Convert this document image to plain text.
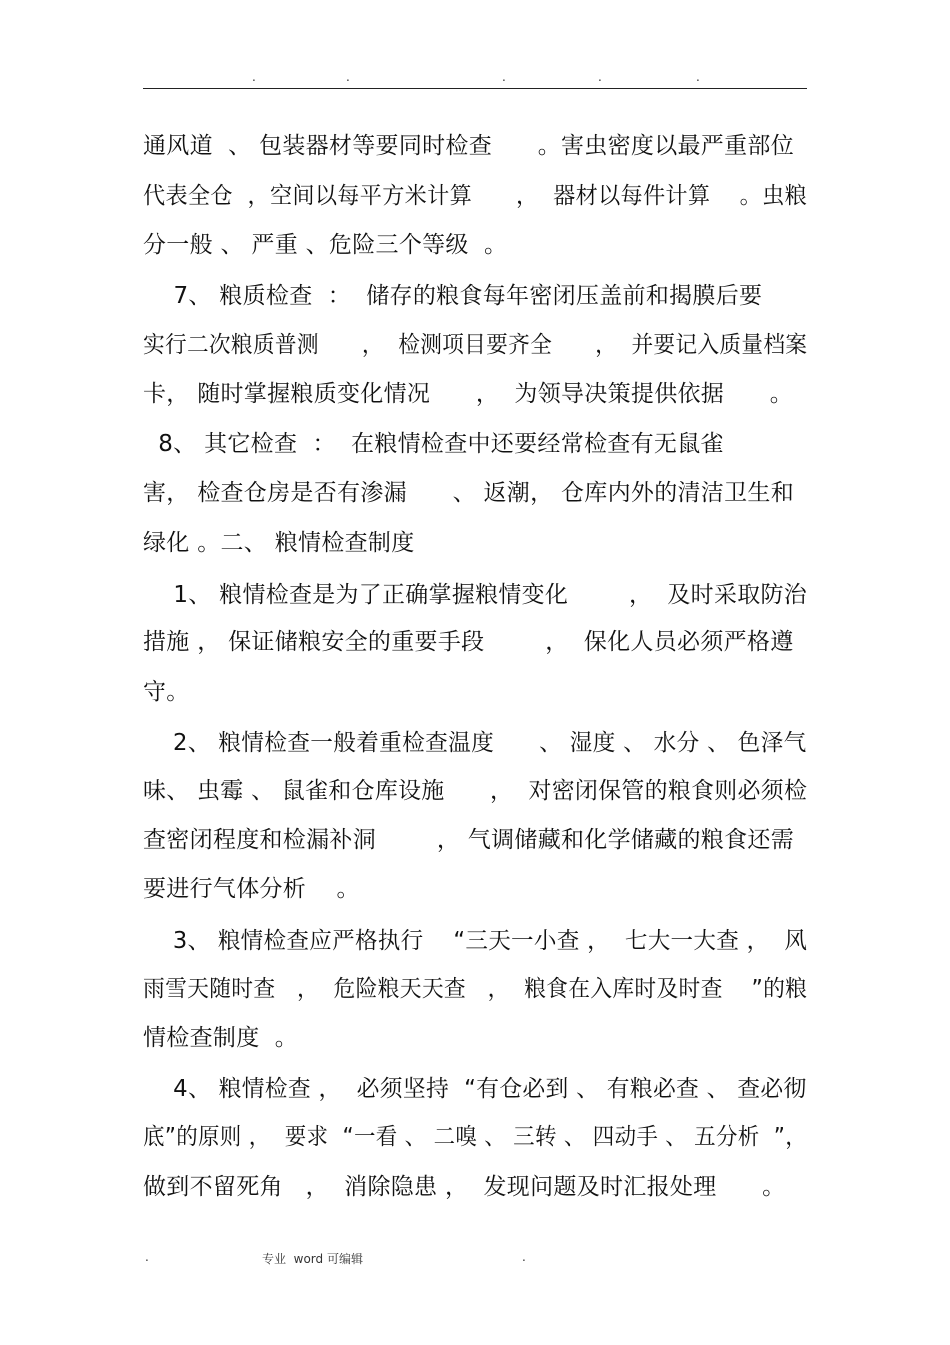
.	.	.	.	.
通风道  、 包装器材等要同时检查      。害虫密度以最严重部位
代表全仓  ，空间以每平方米计算      ，  器材以每件计算    。虫粮
分一般 、 严重 、危险三个等级  。
7、 粮质检查  ：  储存的粮食每年密闭压盖前和揭膜后要
实行二次粮质普测      ，  检测项目要齐全      ，  并要记入质量档案
卡， 随时掌握粮质变化情况      ，  为领导决策提供依据      。
8、 其它检查  ：  在粮情检查中还要经常检查有无鼠雀
害， 检查仓房是否有渗漏      、 返潮， 仓库内外的清洁卫生和
绿化 。二、 粮情检查制度
1、 粮情检查是为了正确掌握粮情变化        ，  及时采取防治
措施 ， 保证储粮安全的重要手段        ，  保化人员必须严格遵
守。
2、 粮情检查一般着重检查温度      、 湿度 、 水分 、 色泽气
味、 虫霉 、 鼠雀和仓库设施      ，  对密闭保管的粮食则必须检
查密闭程度和检漏补洞        ， 气调储藏和化学储藏的粮食还需
要进行气体分析    。
3、 粮情检查应严格执行    “三天一小查 ，  七大一大查 ，  风
雨雪天随时查   ，  危险粮天天查   ，  粮食在入库时及时查    ”的粮
情检查制度  。
4、 粮情检查 ，  必须坚持  “有仓必到 、 有粮必查 、 查必彻
底”的原则 ，  要求  “一看 、 二嗅 、 三转 、 四动手 、 五分析  ”，
做到不留死角   ，  消除隐患 ，  发现问题及时汇报处理      。
.	专业  word 可编辑	.
